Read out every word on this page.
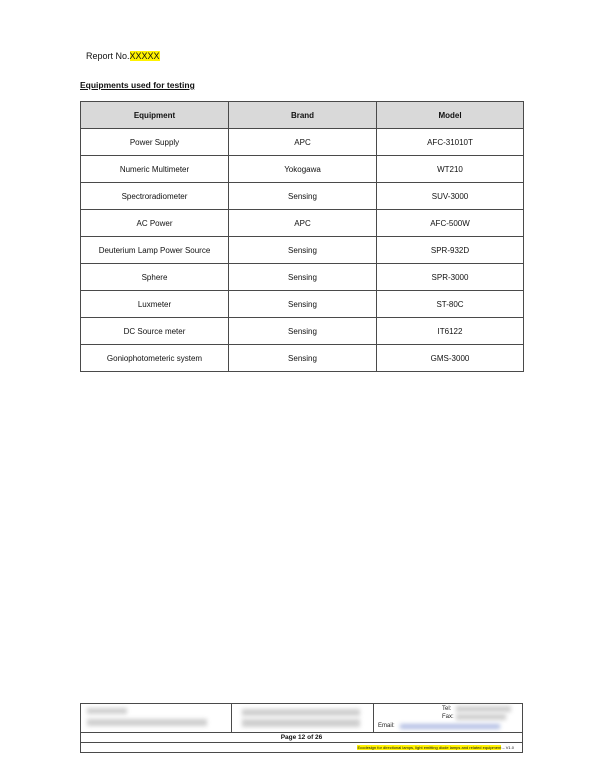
Report No.XXXXX
Equipments used for testing
Equipment	Brand	Model
Power Supply	APC	AFC-31010T
Numeric Multimeter	Yokogawa	WT210
Spectroradiometer	Sensing	SUV-3000
AC Power	APC	AFC-500W
Deuterium Lamp Power Source	Sensing	SPR-932D
Sphere	Sensing	SPR-3000
Luxmeter	Sensing	ST-80C
DC Source meter	Sensing	IT6122
Goniophotometeric system	Sensing	GMS-3000
Tel:
Fax:
Email:
Page 12 of 26
Ecodesign for directional lamps, light emitting diode lamps and related equipment – V1.0
